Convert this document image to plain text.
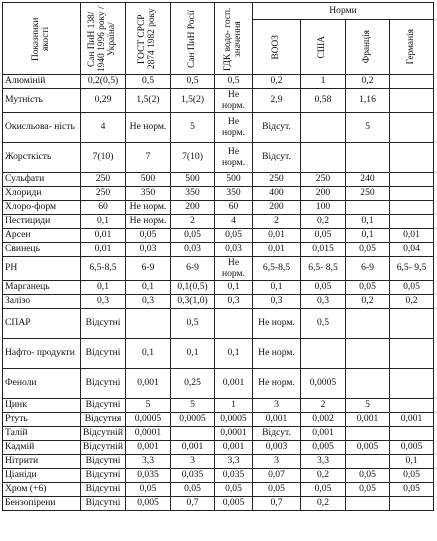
Показники якості	Сан ПиН 138/ 1940 1996 року /Україна/	ГОСТ СРСР 2874 1982 року	Сан ПиН Росії	ГДК водо- госп. значення	Норми			

					ВООЗ	США	Франція	Германія

Алюміній	0,2(0,5)	0,5	0,5	0,5	0,2	1	0,2	
Мутність	0,29	1,5(2)	1,5(2)	Не норм.	2,9	0,58	1,16	
Окисльова- ність	4	Не норм.	5	Не норм.	Відсут.		5	
Жорсткість	7(10)	7	7(10)	Не норм.	Відсут.			
Сульфати	250	500	500	500	250	250	240	
Хлориди	250	350	350	350	400	200	250	
Хлоро-форм	60	Не норм.	200	60	200	100		
Пестициди	0,1	Не норм.	2	4	2	0,2	0,1	
Арсен	0,01	0,05	0,05	0,05	0,01	0,05	0,1	0,01
Свинець	0,01	0,03	0,03	0,03	0,01	0,015	0,05	0,04
PH	6,5-8,5	6-9	6-9	Не норм.	6,5-8,5	6,5- 8,5	6-9	6,5- 9,5
Марганець	0,1	0,1	0,1(0,5)	0,1	0,1	0,05	0,05	0,05
Залізо	0,3	0,3	0,3(1,0)	0,3	0,3	0,3	0,2	0,2
СПАР	Відсутні		0,5		Не норм.	0,5		
Нафто- продукти	Відсутні	0,1	0,1	0,1	Не норм.			
Феноли	Відсутні	0,001	0,25	0,001	Не норм.	0,0005		
Цинк	Відсутні	5	5	1	3	2	5	
Ртуть	Відсутня	0,0005	0,0005	0,0005	0,001	0,002	0,001	0,001
Талій	Відсутній	0,0001		0,0001	Відсут.	0,001		
Кадмій	Відсутній	0,001	0,001	0,001	0,003	0,005	0,005	0,005
Нітрити	Відсутні	3,3	3	3,3	3	3,3		0,1
Ціаніди	Відсутні	0,035	0,035	0,035	0,07	0,2	0,05	0,05
Хром (+6)	Відсутні	0,05	0,05	0,05	0,05	0,05	0,05	0,05
Бензопірени	Відсутні	0,005	0,7	0,005	0,7	0,2		
